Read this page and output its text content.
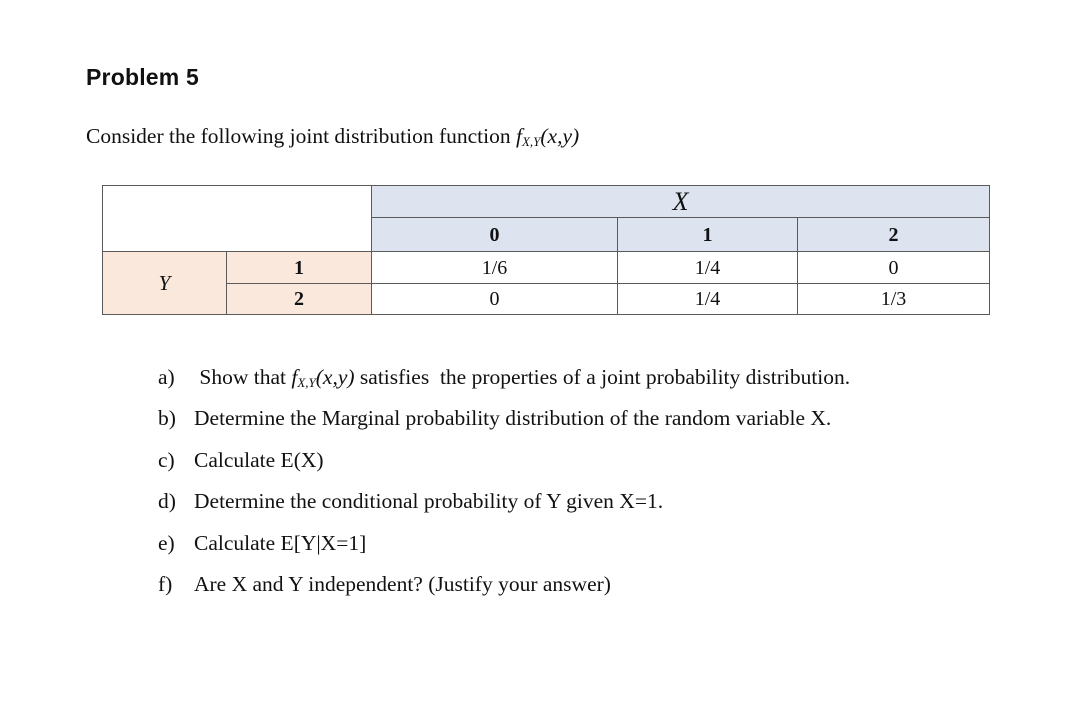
Problem 5
Consider the following joint distribution function $f_{X,Y}(x,y)$
		X		
		0	1	2
Y	1	1/6	1/4	0
	2	0	1/4	1/3
a) Show that $f_{X,Y}(x,y)$ satisfies  the properties of a joint probability distribution.
b) Determine the Marginal probability distribution of the random variable X.
c) Calculate E(X)
d) Determine the conditional probability of Y given X=1.
e) Calculate E[Y|X=1]
f) Are X and Y independent? (Justify your answer)
